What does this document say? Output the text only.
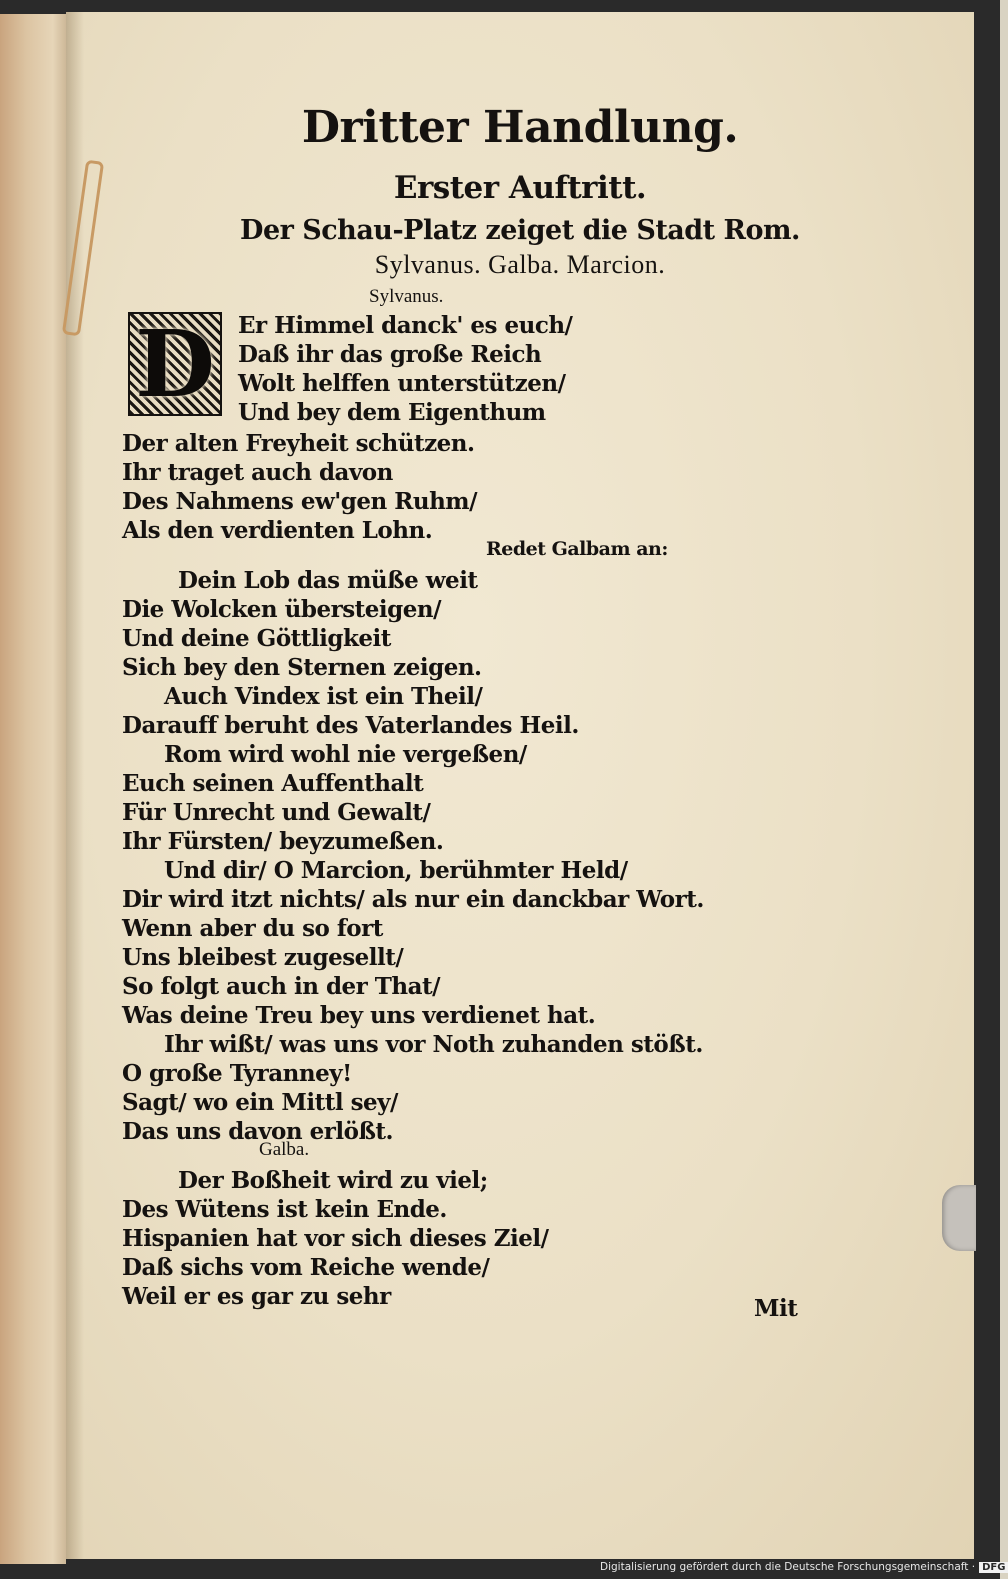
Dritter Handlung.
Erster Auftritt.
Der Schau-Platz zeiget die Stadt Rom.
Sylvanus. Galba. Marcion.
Sylvanus.
D Er Himmel danck' es euch/
Daß ihr das große Reich
Wolt helffen unterstützen/
Und bey dem Eigenthum
Der alten Freyheit schützen.
Ihr traget auch davon
Des Nahmens ew'gen Ruhm/
Als den verdienten Lohn.
Redet Galbam an:
Dein Lob das müße weit
Die Wolcken übersteigen/
Und deine Göttligkeit
Sich bey den Sternen zeigen.
Auch Vindex ist ein Theil/
Darauff beruht des Vaterlandes Heil.
Rom wird wohl nie vergeßen/
Euch seinen Auffenthalt
Für Unrecht und Gewalt/
Ihr Fürsten/ beyzumeßen.
Und dir/ O Marcion, berühmter Held/
Dir wird itzt nichts/ als nur ein danckbar Wort.
Wenn aber du so fort
Uns bleibest zugesellt/
So folgt auch in der That/
Was deine Treu bey uns verdienet hat.
Ihr wißt/ was uns vor Noth zuhanden stößt.
O große Tyranney!
Sagt/ wo ein Mittl sey/
Das uns davon erlößt.
Galba.
Der Boßheit wird zu viel;
Des Wütens ist kein Ende.
Hispanien hat vor sich dieses Ziel/
Daß sichs vom Reiche wende/
Weil er es gar zu sehr	Mit
Digitalisierung gefördert durch die Deutsche Forschungsgemeinschaft · DFG
